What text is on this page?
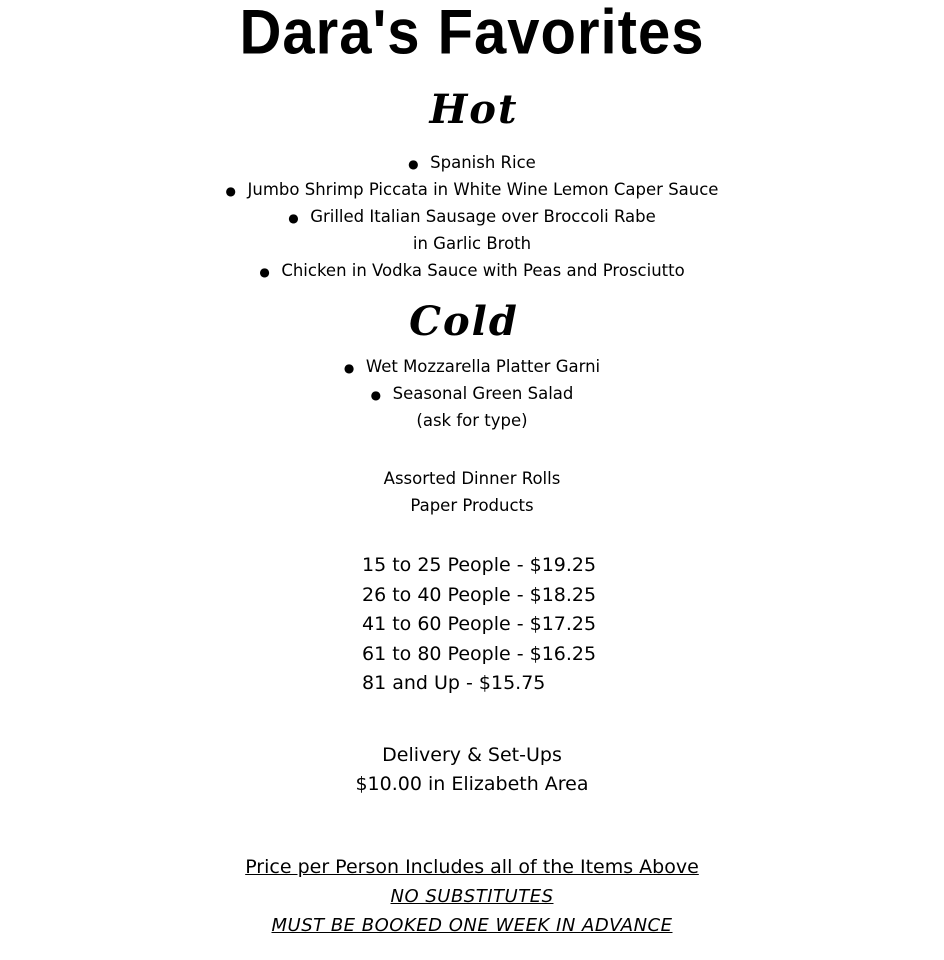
Dara's Favorites
Hot
● Spanish Rice
● Jumbo Shrimp Piccata in White Wine Lemon Caper Sauce
● Grilled Italian Sausage over Broccoli Rabe
in Garlic Broth
● Chicken in Vodka Sauce with Peas and Prosciutto
Cold
● Wet Mozzarella Platter Garni
● Seasonal Green Salad
(ask for type)
Assorted Dinner Rolls
Paper Products
15 to 25 People - $19.25
26 to 40 People - $18.25
41 to 60 People - $17.25
61 to 80 People - $16.25
81 and Up - $15.75
Delivery & Set-Ups
$10.00 in Elizabeth Area
Price per Person Includes all of the Items Above
NO SUBSTITUTES
MUST BE BOOKED ONE WEEK IN ADVANCE
